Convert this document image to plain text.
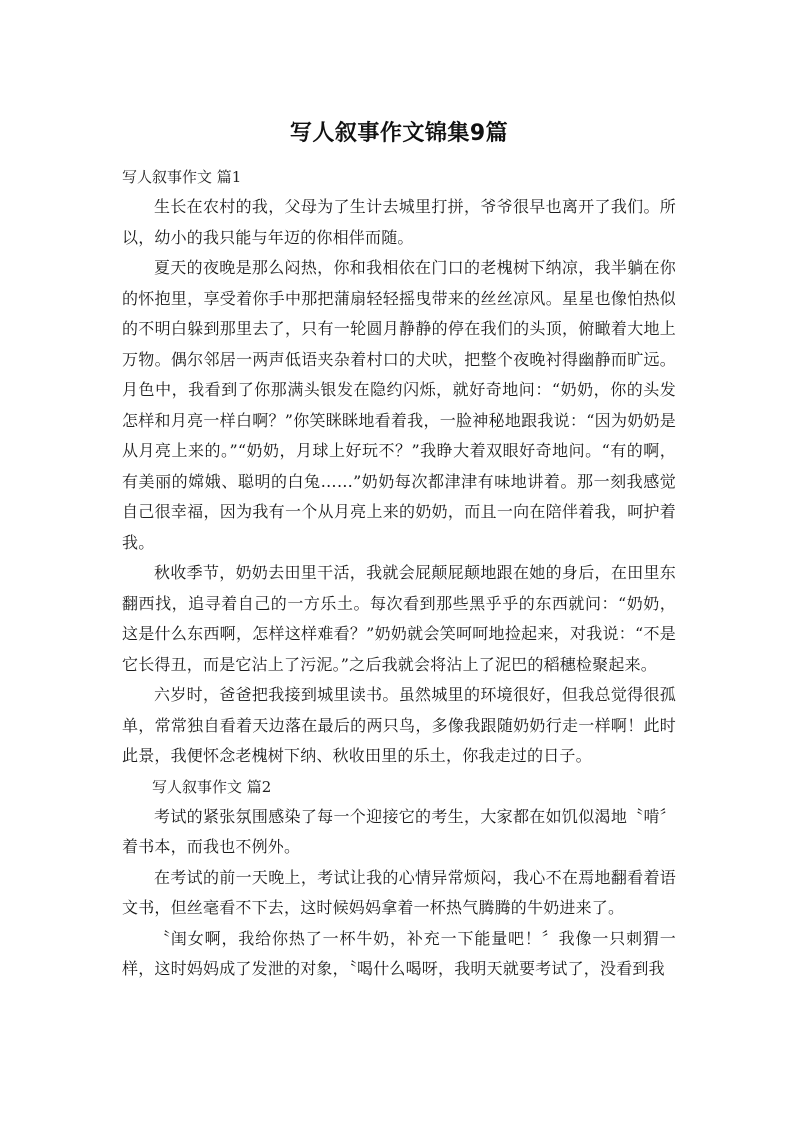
写人叙事作文锦集9篇

写人叙事作文 篇1

生长在农村的我，父母为了生计去城里打拼，爷爷很早也离开了我们。所以，幼小的我只能与年迈的你相伴而随。

夏天的夜晚是那么闷热，你和我相依在门口的老槐树下纳凉，我半躺在你的怀抱里，享受着你手中那把蒲扇轻轻摇曳带来的丝丝凉风。星星也像怕热似的不明白躲到那里去了，只有一轮圆月静静的停在我们的头顶，俯瞰着大地上万物。偶尔邻居一两声低语夹杂着村口的犬吠，把整个夜晚衬得幽静而旷远。月色中，我看到了你那满头银发在隐约闪烁，就好奇地问：“奶奶，你的头发怎样和月亮一样白啊？”你笑眯眯地看着我，一脸神秘地跟我说：“因为奶奶是从月亮上来的。”“奶奶，月球上好玩不？”我睁大着双眼好奇地问。“有的啊，有美丽的嫦娥、聪明的白兔……”奶奶每次都津津有味地讲着。那一刻我感觉自己很幸福，因为我有一个从月亮上来的奶奶，而且一向在陪伴着我，呵护着我。

秋收季节，奶奶去田里干活，我就会屁颠屁颠地跟在她的身后，在田里东翻西找，追寻着自己的一方乐土。每次看到那些黑乎乎的东西就问：“奶奶，这是什么东西啊，怎样这样难看？”奶奶就会笑呵呵地捡起来，对我说：“不是它长得丑，而是它沾上了污泥。”之后我就会将沾上了泥巴的稻穗检聚起来。

六岁时，爸爸把我接到城里读书。虽然城里的环境很好，但我总觉得很孤单，常常独自看着天边落在最后的两只鸟，多像我跟随奶奶行走一样啊！此时此景，我便怀念老槐树下纳、秋收田里的乐土，你我走过的日子。

写人叙事作文 篇2

考试的紧张氛围感染了每一个迎接它的考生，大家都在如饥似渴地〝啃〞着书本，而我也不例外。

在考试的前一天晚上，考试让我的心情异常烦闷，我心不在焉地翻看着语文书，但丝毫看不下去，这时候妈妈拿着一杯热气腾腾的牛奶进来了。

〝闺女啊，我给你热了一杯牛奶，补充一下能量吧！〞我像一只刺猬一样，这时妈妈成了发泄的对象，〝喝什么喝呀，我明天就要考试了，没看到我
